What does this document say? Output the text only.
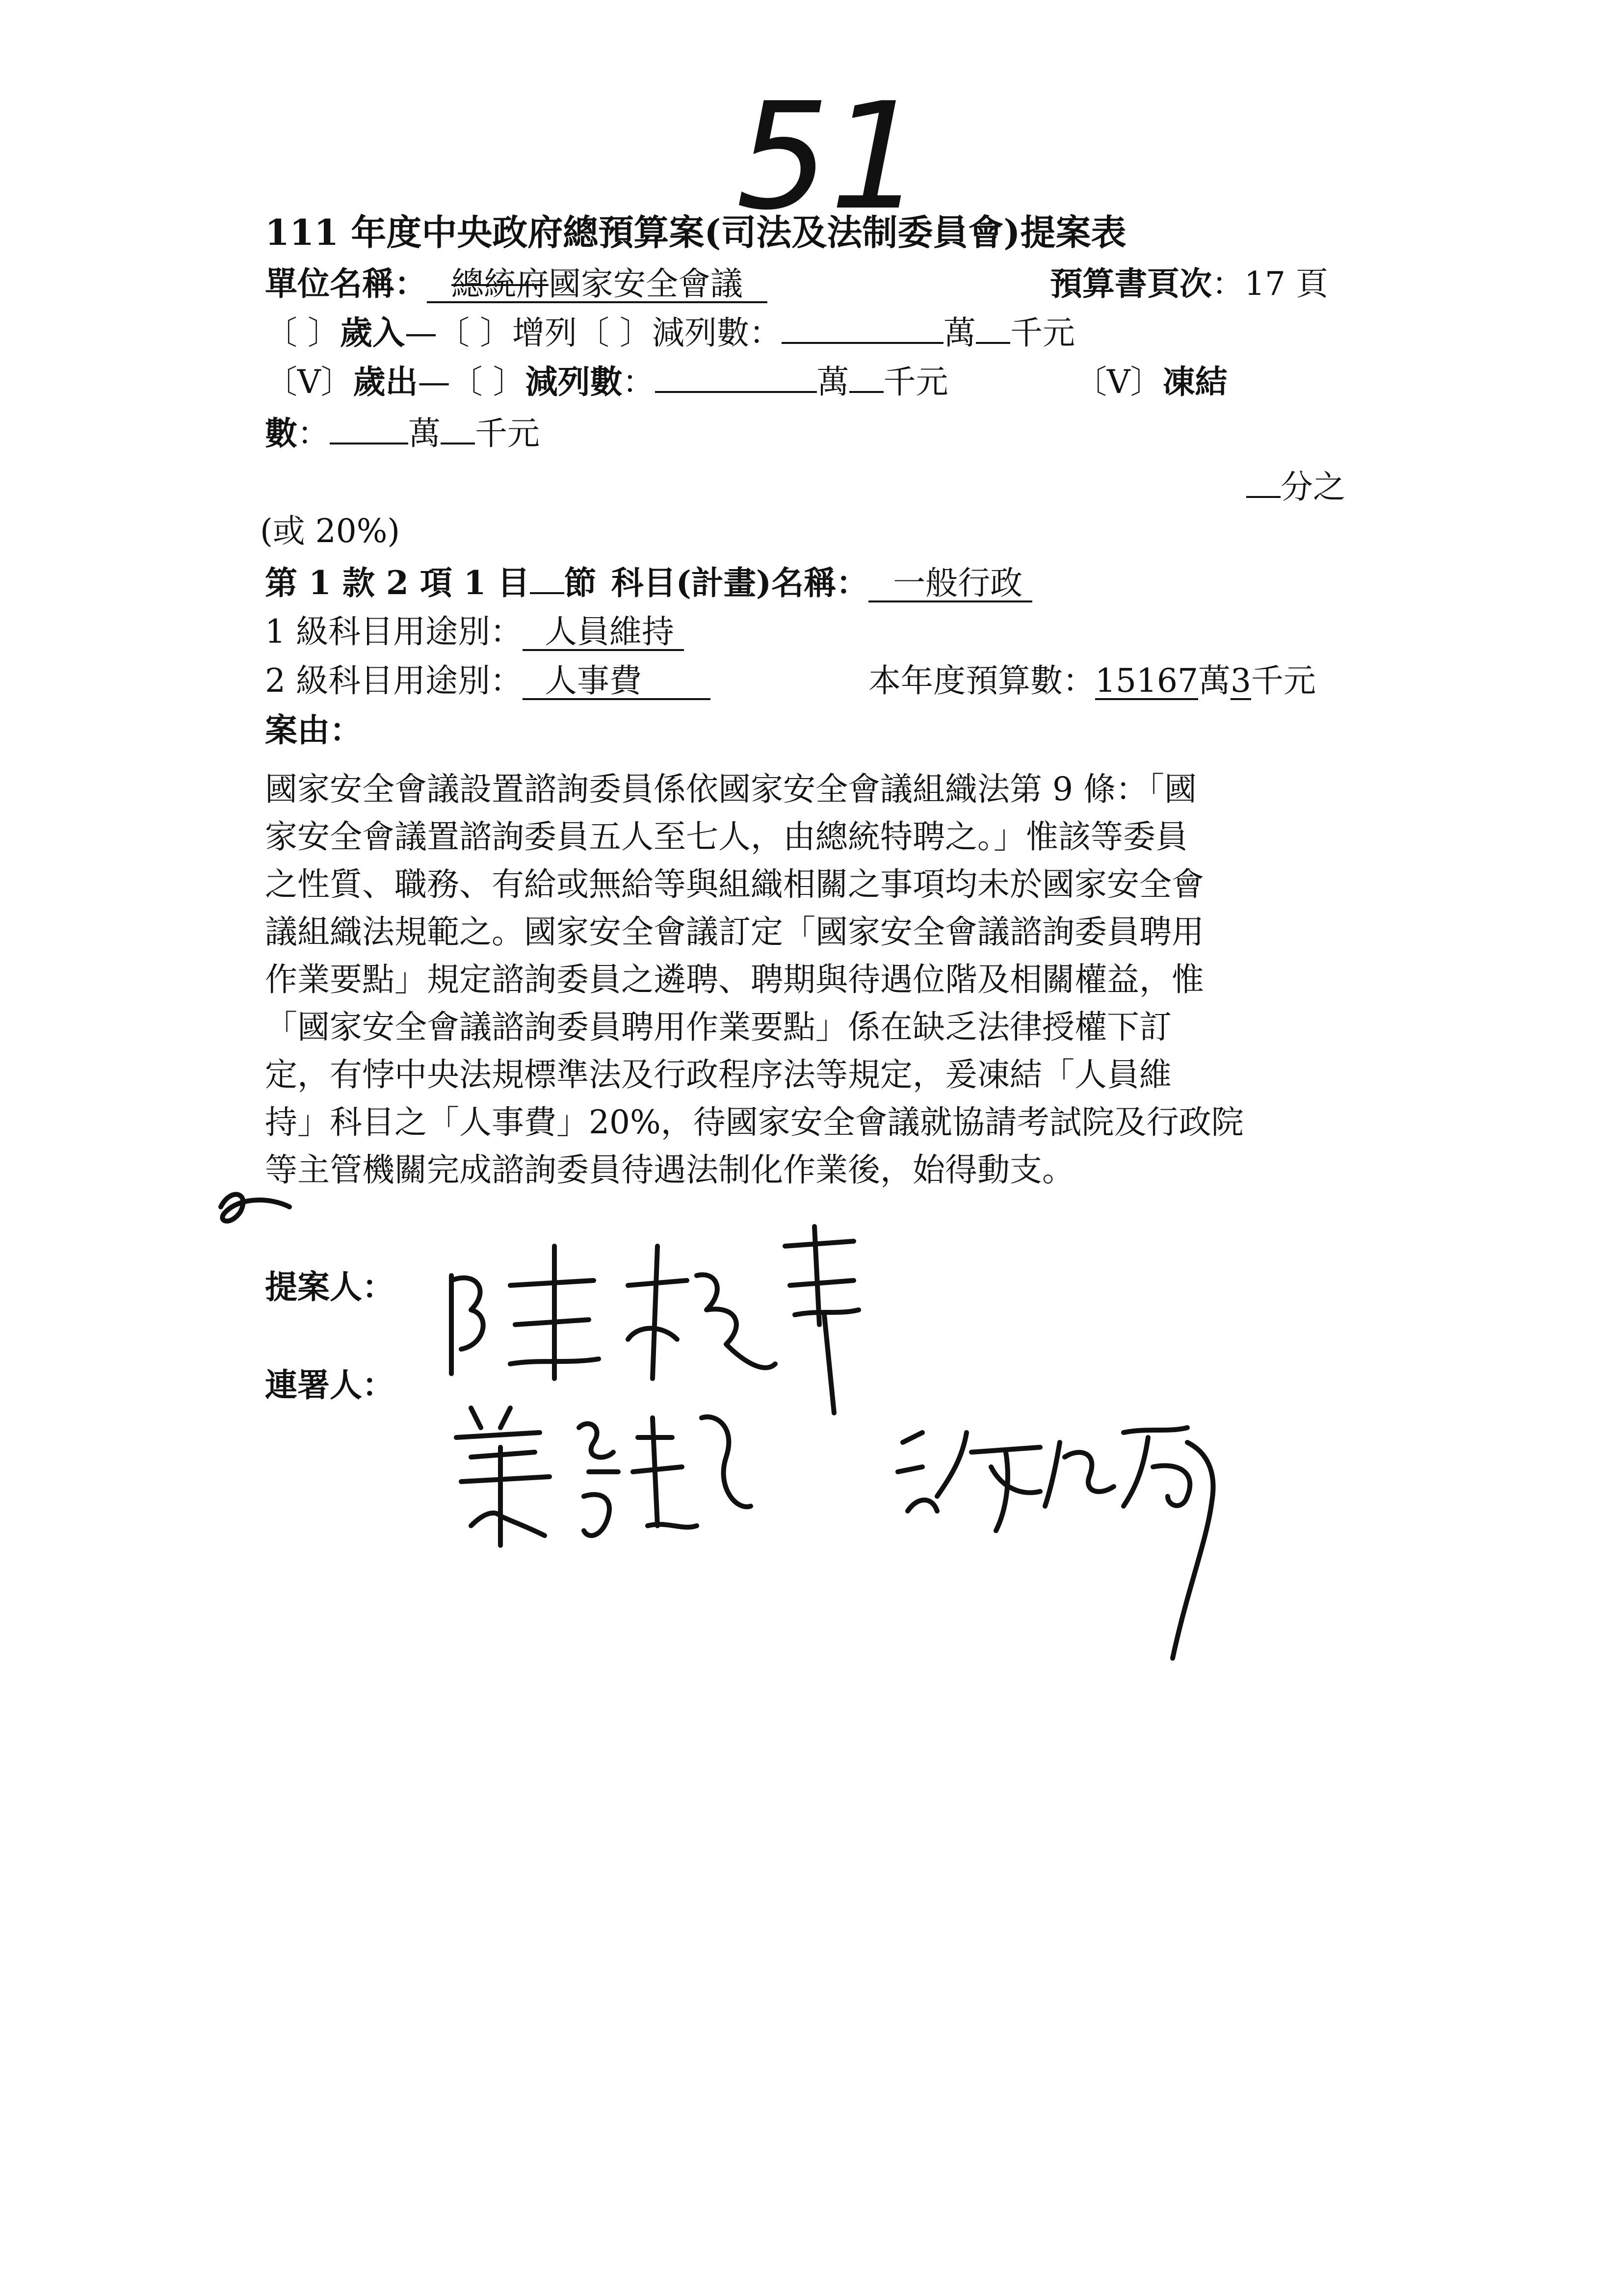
51
111 年度中央政府總預算案(司法及法制委員會)提案表
單位名稱： 總統府國家安全會議	預算書頁次：17 頁
〔 〕歲入—〔 〕增列〔 〕減列數：	萬 千元
〔V〕歲出—〔 〕減列數：	萬 千元	〔V〕凍結
數： 萬 千元
分之
(或 20%)
第 1 款 2 項 1 目 節 科目(計畫)名稱： 一般行政
1 級科目用途別： 人員維持
2 級科目用途別： 人事費	本年度預算數：15167萬3千元
案由：
國家安全會議設置諮詢委員係依國家安全會議組織法第 9 條：「國
家安全會議置諮詢委員五人至七人，由總統特聘之。」惟該等委員
之性質、職務、有給或無給等與組織相關之事項均未於國家安全會
議組織法規範之。國家安全會議訂定「國家安全會議諮詢委員聘用
作業要點」規定諮詢委員之遴聘、聘期與待遇位階及相關權益，惟
「國家安全會議諮詢委員聘用作業要點」係在缺乏法律授權下訂
定，有悖中央法規標準法及行政程序法等規定，爰凍結「人員維
持」科目之「人事費」20%，待國家安全會議就協請考試院及行政院
等主管機關完成諮詢委員待遇法制化作業後，始得動支。
提案人：
連署人：
